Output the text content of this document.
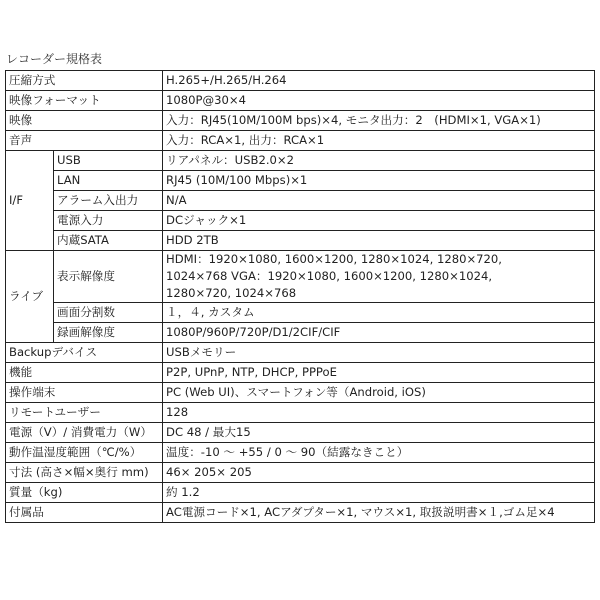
レコーダー規格表
圧縮方式		H.265+/H.265/H.264
映像フォーマット		1080P@30×4
映像		入力：RJ45(10M/100M bps)×4, モニタ出力：2　(HDMI×1, VGA×1)
音声		入力：RCA×1, 出力：RCA×1
I/F	USB	リアパネル：USB2.0×2
	LAN	RJ45 (10M/100 Mbps)×1
	アラーム入出力	N/A
	電源入力	DCジャック×1
	内蔵SATA	HDD 2TB
ライブ	表示解像度	HDMI：1920×1080, 1600×1200, 1280×1024, 1280×720,
1024×768 VGA：1920×1080, 1600×1200, 1280×1024,
1280×720, 1024×768

	画面分割数	１，４, カスタム
	録画解像度	1080P/960P/720P/D1/2CIF/CIF
Backupデバイス		USBメモリー
機能		P2P, UPnP, NTP, DHCP, PPPoE
操作端末		PC (Web UI)、スマートフォン等（Android, iOS)
リモートユーザー		128
電源（V）/ 消費電力（W）		DC 48 / 最大15
動作温湿度範囲（℃/%）		温度：-10 ～ +55 / 0 ～ 90（結露なきこと）
寸法 (高さ×幅×奥行 mm)		46× 205× 205
質量（kg)		約 1.2
付属品		AC電源コード×1, ACアダプター×1, マウス×1, 取扱説明書×１,ゴム足×4
